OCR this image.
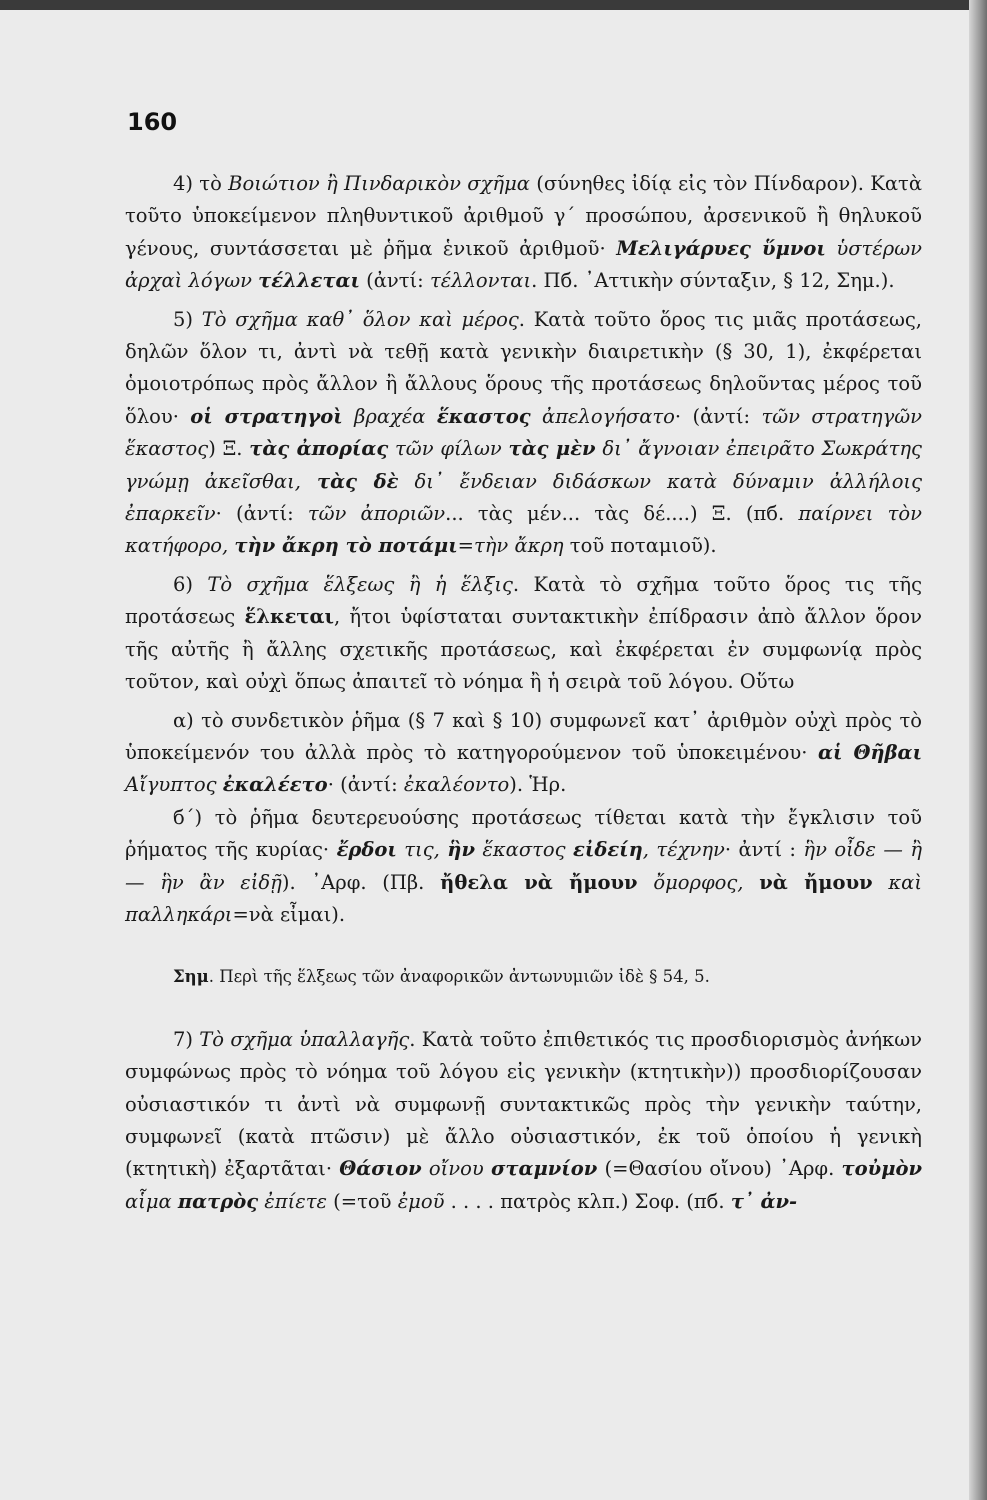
160

4) τὸ Βοιώτιον ἢ Πινδαρικὸν σχῆμα (σύνηθες ἰδίᾳ εἰς τὸν Πίνδαρον). Κατὰ τοῦτο ὑποκείμενον πληθυντικοῦ ἀριθμοῦ γ΄ προσώπου, ἀρσενικοῦ ἢ θηλυκοῦ γένους, συντάσσεται μὲ ῥῆμα ἑνικοῦ ἀριθμοῦ· Μελιγάρυες ὕμνοι ὑστέρων ἀρχαὶ λόγων τέλλεται (ἀντί: τέλλονται. Πб. ᾿Αττικὴν σύνταξιν, § 12, Σημ.).

5) Τὸ σχῆμα καθ᾿ ὅλον καὶ μέρος. Κατὰ τοῦτο ὅρος τις μιᾶς προτάσεως, δηλῶν ὅλον τι, ἀντὶ νὰ τεθῇ κατὰ γενικὴν διαιρετικὴν (§ 30, 1), ἐκφέρεται ὁμοιοτρόπως πρὸς ἄλλον ἢ ἄλλους ὅρους τῆς προτάσεως δηλοῦντας μέρος τοῦ ὅλου· οἱ στρατηγοὶ βραχέα ἕκαστος ἀπελογήσατο· (ἀντί: τῶν στρατηγῶν ἕκαστος) Ξ. τὰς ἀπορίας τῶν φίλων τὰς μὲν δι᾿ ἄγνοιαν ἐπειρᾶτο Σωκράτης γνώμῃ ἀκεῖσθαι, τὰς δὲ δι᾿ ἔνδειαν διδάσκων κατὰ δύναμιν ἀλλήλοις ἐπαρκεῖν· (ἀντί: τῶν ἀποριῶν... τὰς μέν... τὰς δέ....) Ξ. (πб. παίρνει τὸν κατήφορο, τὴν ἄκρη τὸ ποτάμι=τὴν ἄκρη τοῦ ποταμιοῦ).

6) Τὸ σχῆμα ἕλξεως ἢ ἡ ἕλξις. Κατὰ τὸ σχῆμα τοῦτο ὅρος τις τῆς προτάσεως ἕλκεται, ἤτοι ὑφίσταται συντακτικὴν ἐπίδρασιν ἀπὸ ἄλλον ὅρον τῆς αὐτῆς ἢ ἄλλης σχετικῆς προτάσεως, καὶ ἐκφέρεται ἐν συμφωνίᾳ πρὸς τοῦτον, καὶ οὐχὶ ὅπως ἀπαιτεῖ τὸ νόημα ἢ ἡ σειρὰ τοῦ λόγου. Οὕτω

α) τὸ συνδετικὸν ῥῆμα (§ 7 καὶ § 10) συμφωνεῖ κατ᾿ ἀριθμὸν οὐχὶ πρὸς τὸ ὑποκείμενόν του ἀλλὰ πρὸς τὸ κατηγορούμενον τοῦ ὑποκειμένου· αἱ Θῆβαι Αἴγυπτος ἐκαλέετο· (ἀντί: ἐκαλέοντο). Ἡρ.

б΄) τὸ ῥῆμα δευτερευούσης προτάσεως τίθεται κατὰ τὴν ἔγκλισιν τοῦ ῥήματος τῆς κυρίας· ἔρδοι τις, ἣν ἕκαστος εἰδείη, τέχνην· ἀντί : ἣν οἶδε — ἢ — ἣν ἂν εἰδῇ). ᾿Αρφ. (Πβ. ἤθελα νὰ ἤμουν ὄμορφος, νὰ ἤμουν καὶ παλληκάρι=νὰ εἶμαι).

Σημ. Περὶ τῆς ἕλξεως τῶν ἀναφορικῶν ἀντωνυμιῶν ἰδὲ § 54, 5.

7) Τὸ σχῆμα ὑπαλλαγῆς. Κατὰ τοῦτο ἐπιθετικός τις προσδιορισμὸς ἀνήκων συμφώνως πρὸς τὸ νόημα τοῦ λόγου εἰς γενικὴν (κτητικὴν)) προσδιορίζουσαν οὐσιαστικόν τι ἀντὶ νὰ συμφωνῇ συντακτικῶς πρὸς τὴν γενικὴν ταύτην, συμφωνεῖ (κατὰ πτῶσιν) μὲ ἄλλο οὐσιαστικόν, ἐκ τοῦ ὁποίου ἡ γενικὴ (κτητικὴ) ἐξαρτᾶται· Θάσιον οἴνου σταμνίον (=Θασίου οἴνου) ᾿Αρφ. τοὐμὸν αἷμα πατρὸς ἐπίετε (=τοῦ ἐμοῦ . . . . πατρὸς κλπ.) Σοφ. (πб. τ᾿ ἀν-
